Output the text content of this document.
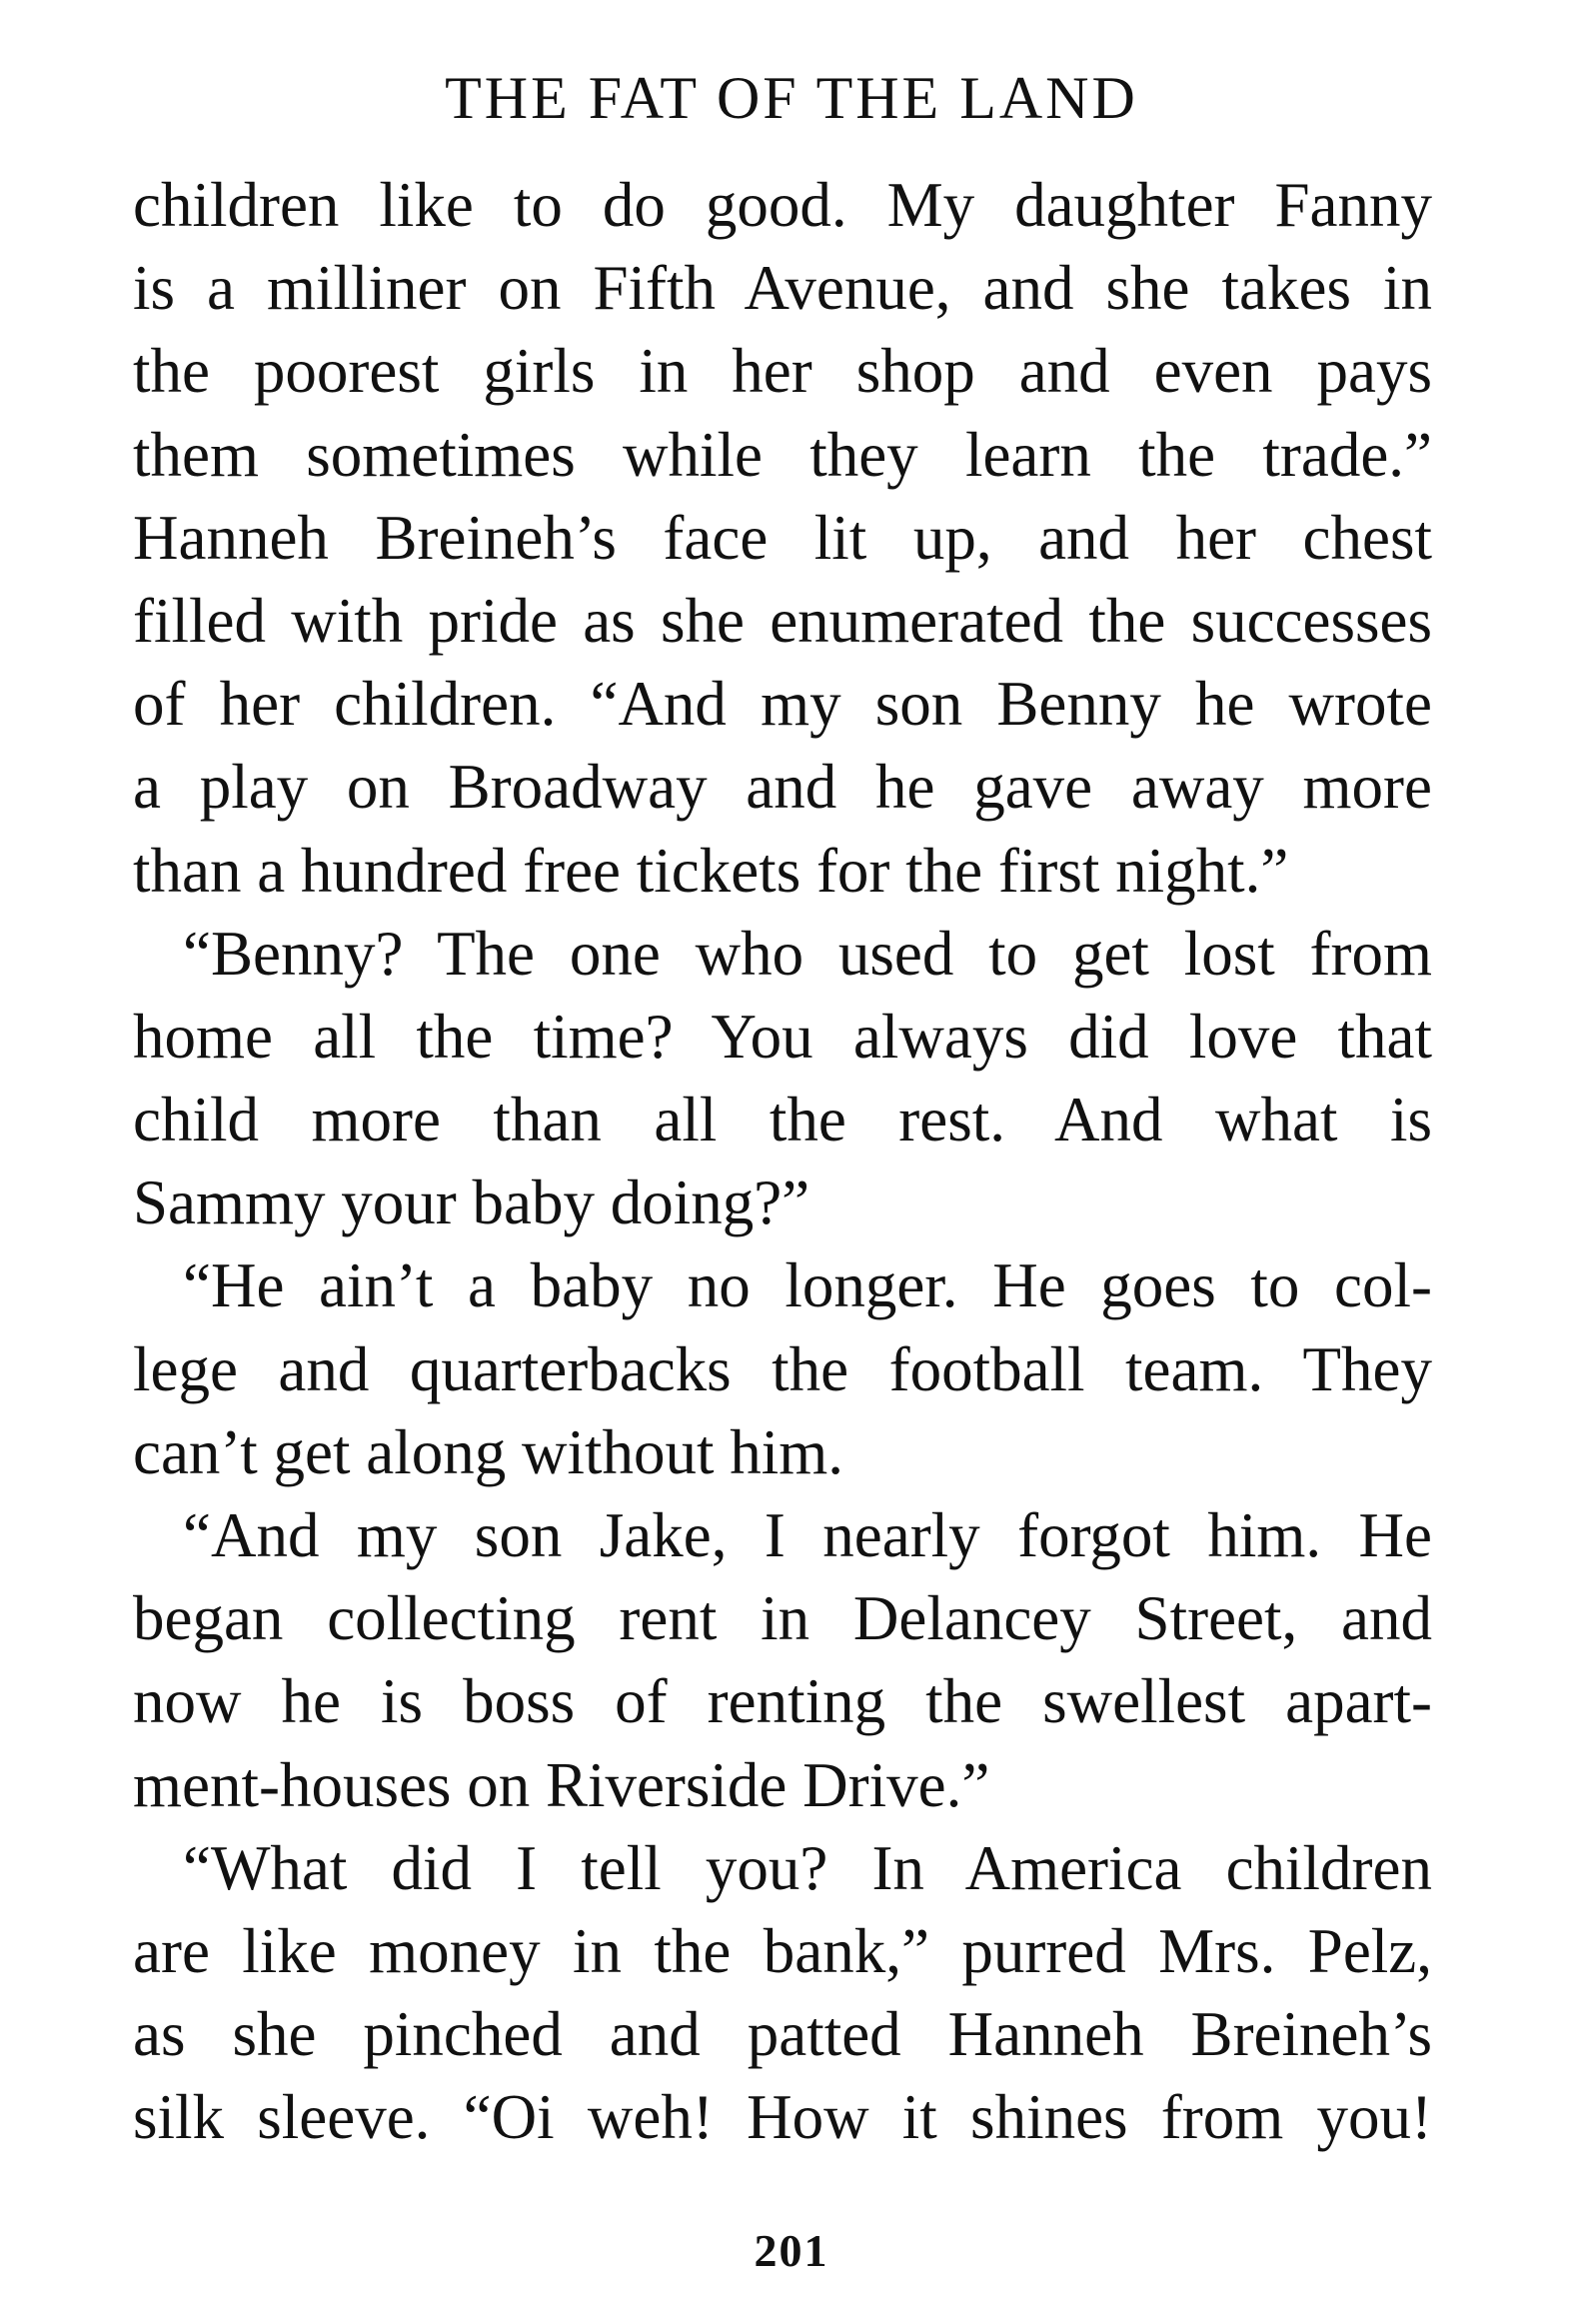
THE FAT OF THE LAND
children like to do good. My daughter Fanny
is a milliner on Fifth Avenue, and she takes in
the poorest girls in her shop and even pays
them sometimes while they learn the trade.”
Hanneh Breineh’s face lit up, and her chest
filled with pride as she enumerated the successes
of her children. “And my son Benny he wrote
a play on Broadway and he gave away more
than a hundred free tickets for the first night.”
“Benny? The one who used to get lost from
home all the time? You always did love that
child more than all the rest. And what is
Sammy your baby doing?”
“He ain’t a baby no longer. He goes to col-
lege and quarterbacks the football team. They
can’t get along without him.
“And my son Jake, I nearly forgot him. He
began collecting rent in Delancey Street, and
now he is boss of renting the swellest apart-
ment-houses on Riverside Drive.”
“What did I tell you? In America children
are like money in the bank,” purred Mrs. Pelz,
as she pinched and patted Hanneh Breineh’s
silk sleeve. “Oi weh! How it shines from you!
201
